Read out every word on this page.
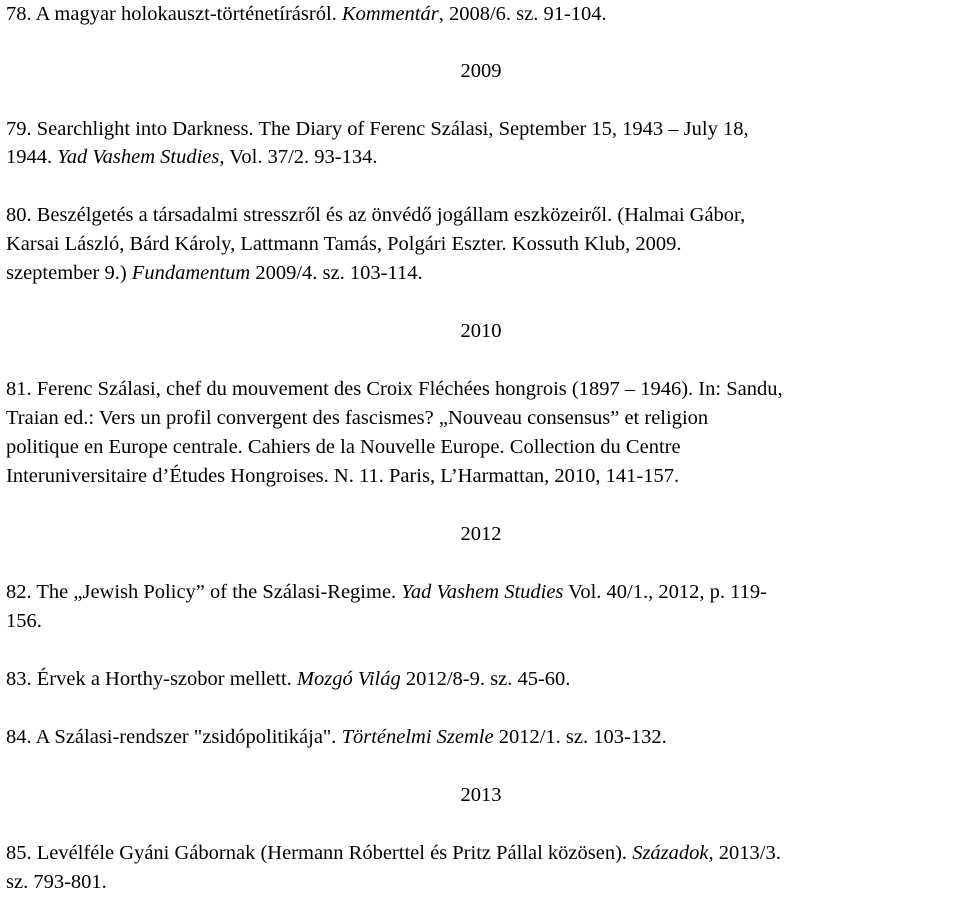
78. A magyar holokauszt-történetírásról. Kommentár, 2008/6. sz. 91-104.
2009
79. Searchlight into Darkness. The Diary of Ferenc Szálasi, September 15, 1943 – July 18,
1944. Yad Vashem Studies, Vol. 37/2. 93-134.
80. Beszélgetés a társadalmi stresszről és az önvédő jogállam eszközeiről. (Halmai Gábor,
Karsai László, Bárd Károly, Lattmann Tamás, Polgári Eszter. Kossuth Klub, 2009.
szeptember 9.) Fundamentum 2009/4. sz. 103-114.
2010
81. Ferenc Szálasi, chef du mouvement des Croix Fléchées hongrois (1897 – 1946). In: Sandu,
Traian ed.: Vers un profil convergent des fascismes? „Nouveau consensus” et religion
politique en Europe centrale. Cahiers de la Nouvelle Europe. Collection du Centre
Interuniversitaire d’Études Hongroises. N. 11. Paris, L’Harmattan, 2010, 141-157.
2012
82. The „Jewish Policy” of the Szálasi-Regime. Yad Vashem Studies Vol. 40/1., 2012, p. 119-
156.
83. Érvek a Horthy-szobor mellett. Mozgó Világ 2012/8-9. sz. 45-60.
84. A Szálasi-rendszer "zsidópolitikája". Történelmi Szemle 2012/1. sz. 103-132.
2013
85. Levélféle Gyáni Gábornak (Hermann Róberttel és Pritz Pállal közösen). Századok, 2013/3.
sz. 793-801.
